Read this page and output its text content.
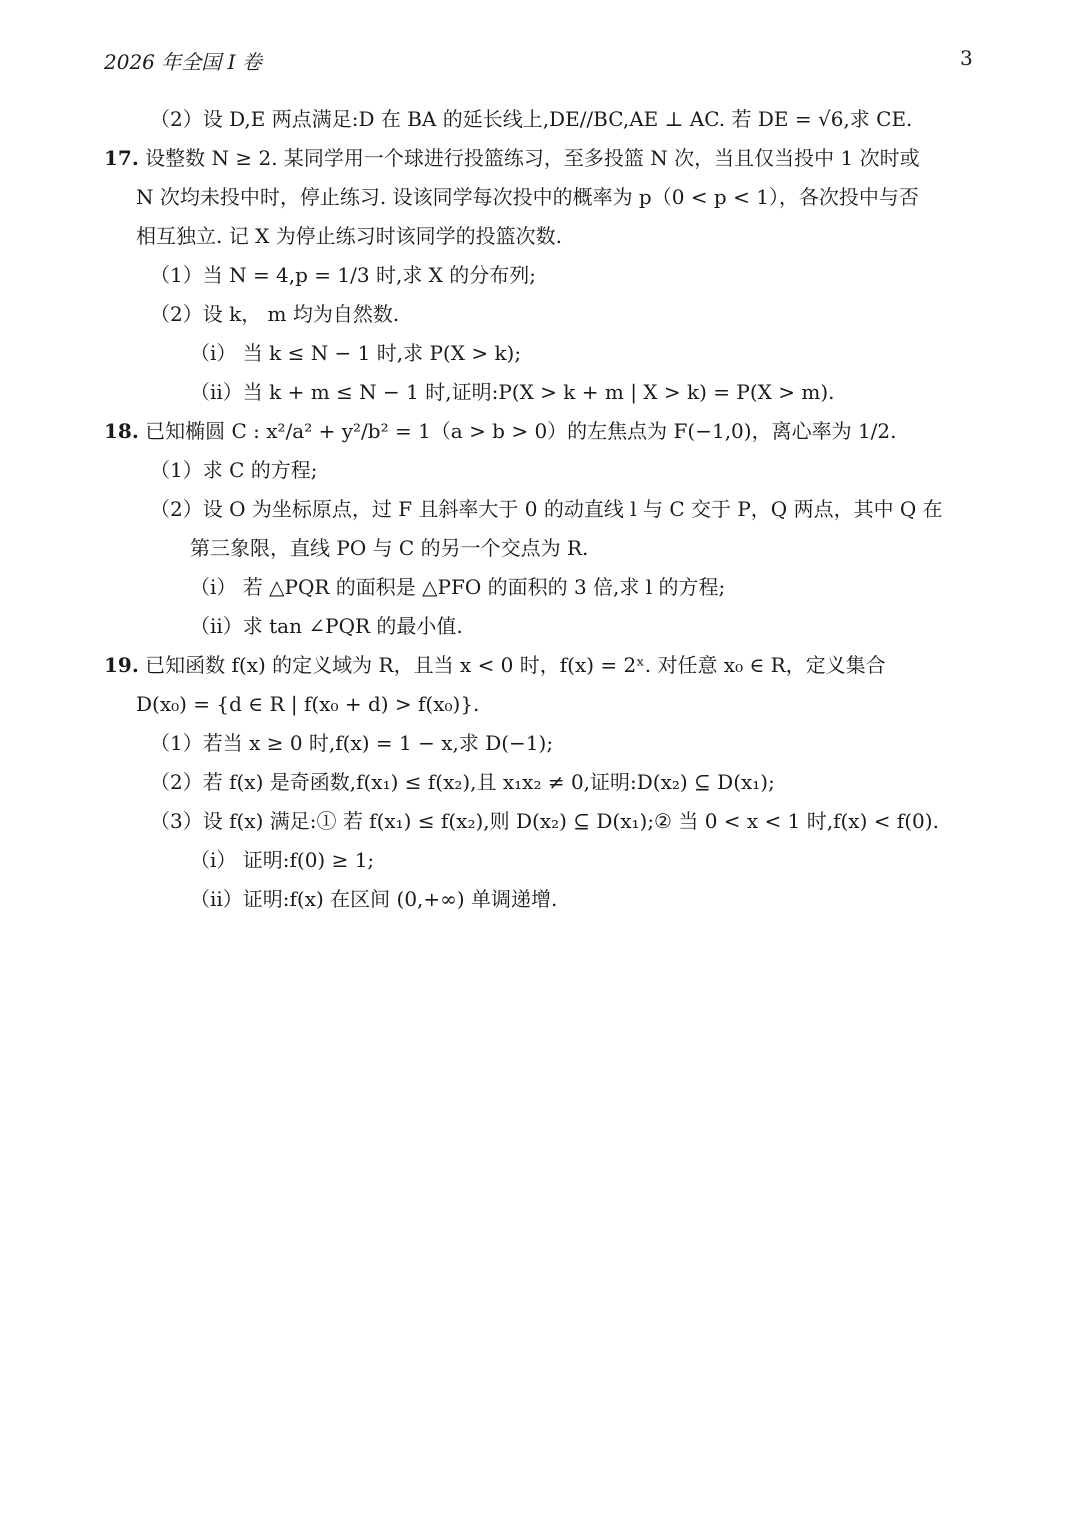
2026 年全国 I 卷	3
（2）设 D,E 两点满足:D 在 BA 的延长线上,DE//BC,AE ⊥ AC. 若 DE = √6,求 CE.
17. 设整数 N ≥ 2. 某同学用一个球进行投篮练习，至多投篮 N 次，当且仅当投中 1 次时或
N 次均未投中时，停止练习. 设该同学每次投中的概率为 p（0 < p < 1），各次投中与否
相互独立. 记 X 为停止练习时该同学的投篮次数.
（1）当 N = 4,p = 1/3 时,求 X 的分布列;
（2）设 k， m 均为自然数.
（i） 当 k ≤ N − 1 时,求 P(X > k);
（ii）当 k + m ≤ N − 1 时,证明:P(X > k + m | X > k) = P(X > m).
18. 已知椭圆 C : x²/a² + y²/b² = 1（a > b > 0）的左焦点为 F(−1,0)，离心率为 1/2.
（1）求 C 的方程;
（2）设 O 为坐标原点，过 F 且斜率大于 0 的动直线 l 与 C 交于 P，Q 两点，其中 Q 在
第三象限，直线 PO 与 C 的另一个交点为 R.
（i） 若 △PQR 的面积是 △PFO 的面积的 3 倍,求 l 的方程;
（ii）求 tan ∠PQR 的最小值.
19. 已知函数 f(x) 的定义域为 R，且当 x < 0 时，f(x) = 2ˣ. 对任意 x₀ ∈ R，定义集合
D(x₀) = {d ∈ R | f(x₀ + d) > f(x₀)}.
（1）若当 x ≥ 0 时,f(x) = 1 − x,求 D(−1);
（2）若 f(x) 是奇函数,f(x₁) ≤ f(x₂),且 x₁x₂ ≠ 0,证明:D(x₂) ⊆ D(x₁);
（3）设 f(x) 满足:① 若 f(x₁) ≤ f(x₂),则 D(x₂) ⊆ D(x₁);② 当 0 < x < 1 时,f(x) < f(0).
（i） 证明:f(0) ≥ 1;
（ii）证明:f(x) 在区间 (0,+∞) 单调递增.
